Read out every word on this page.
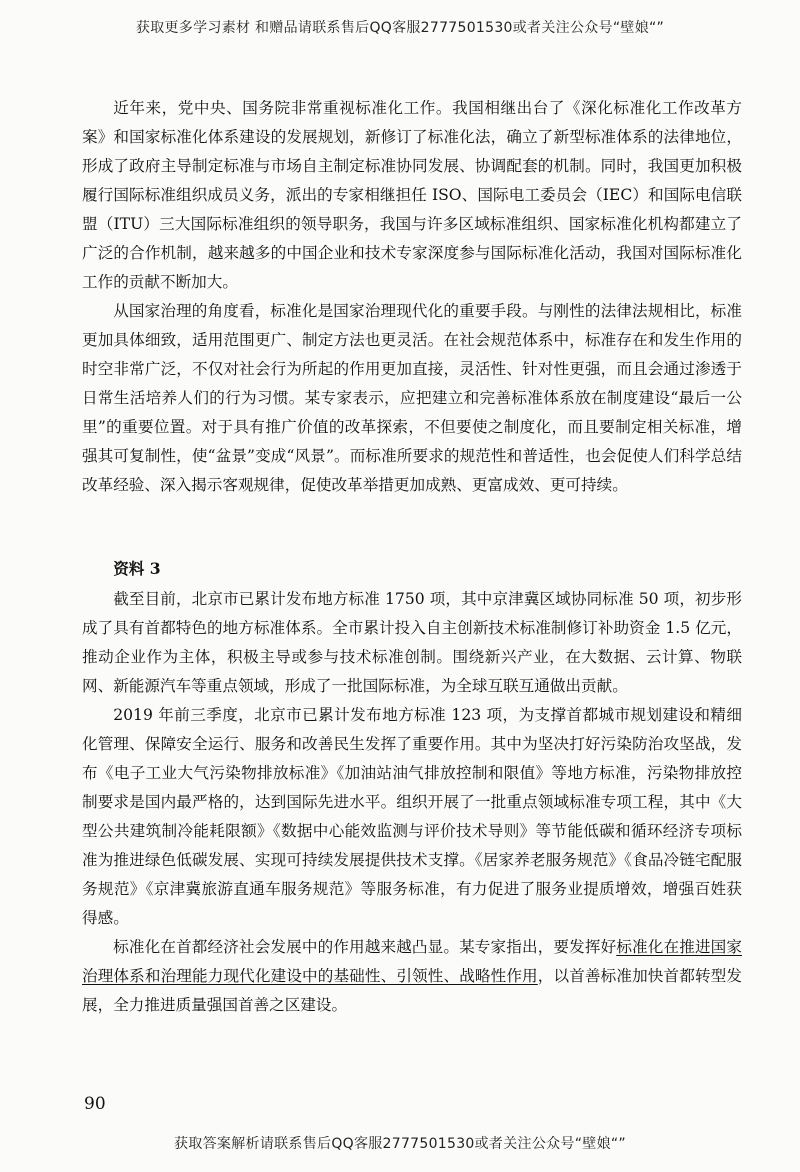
获取更多学习素材 和赠品请联系售后QQ客服2777501530或者关注公众号“壁娘“”

近年来，党中央、国务院非常重视标准化工作。我国相继出台了《深化标准化工作改革方案》和国家标准化体系建设的发展规划，新修订了标准化法，确立了新型标准体系的法律地位，形成了政府主导制定标准与市场自主制定标准协同发展、协调配套的机制。同时，我国更加积极履行国际标准组织成员义务，派出的专家相继担任 ISO、国际电工委员会（IEC）和国际电信联盟（ITU）三大国际标准组织的领导职务，我国与许多区域标准组织、国家标准化机构都建立了广泛的合作机制，越来越多的中国企业和技术专家深度参与国际标准化活动，我国对国际标准化工作的贡献不断加大。

从国家治理的角度看，标准化是国家治理现代化的重要手段。与刚性的法律法规相比，标准更加具体细致，适用范围更广、制定方法也更灵活。在社会规范体系中，标准存在和发生作用的时空非常广泛，不仅对社会行为所起的作用更加直接，灵活性、针对性更强，而且会通过渗透于日常生活培养人们的行为习惯。某专家表示，应把建立和完善标准体系放在制度建设“最后一公里”的重要位置。对于具有推广价值的改革探索，不但要使之制度化，而且要制定相关标准，增强其可复制性，使“盆景”变成“风景”。而标准所要求的规范性和普适性，也会促使人们科学总结改革经验、深入揭示客观规律，促使改革举措更加成熟、更富成效、更可持续。

资料 3

截至目前，北京市已累计发布地方标准 1750 项，其中京津冀区域协同标准 50 项，初步形成了具有首都特色的地方标准体系。全市累计投入自主创新技术标准制修订补助资金 1.5 亿元，推动企业作为主体，积极主导或参与技术标准创制。围绕新兴产业，在大数据、云计算、物联网、新能源汽车等重点领域，形成了一批国际标准，为全球互联互通做出贡献。

2019 年前三季度，北京市已累计发布地方标准 123 项，为支撑首都城市规划建设和精细化管理、保障安全运行、服务和改善民生发挥了重要作用。其中为坚决打好污染防治攻坚战，发布《电子工业大气污染物排放标准》《加油站油气排放控制和限值》等地方标准，污染物排放控制要求是国内最严格的，达到国际先进水平。组织开展了一批重点领域标准专项工程，其中《大型公共建筑制冷能耗限额》《数据中心能效监测与评价技术导则》等节能低碳和循环经济专项标准为推进绿色低碳发展、实现可持续发展提供技术支撑。《居家养老服务规范》《食品冷链宅配服务规范》《京津冀旅游直通车服务规范》等服务标准，有力促进了服务业提质增效，增强百姓获得感。

标准化在首都经济社会发展中的作用越来越凸显。某专家指出，要发挥好标准化在推进国家治理体系和治理能力现代化建设中的基础性、引领性、战略性作用，以首善标准加快首都转型发展，全力推进质量强国首善之区建设。

90
获取答案解析请联系售后QQ客服2777501530或者关注公众号“壁娘“”
